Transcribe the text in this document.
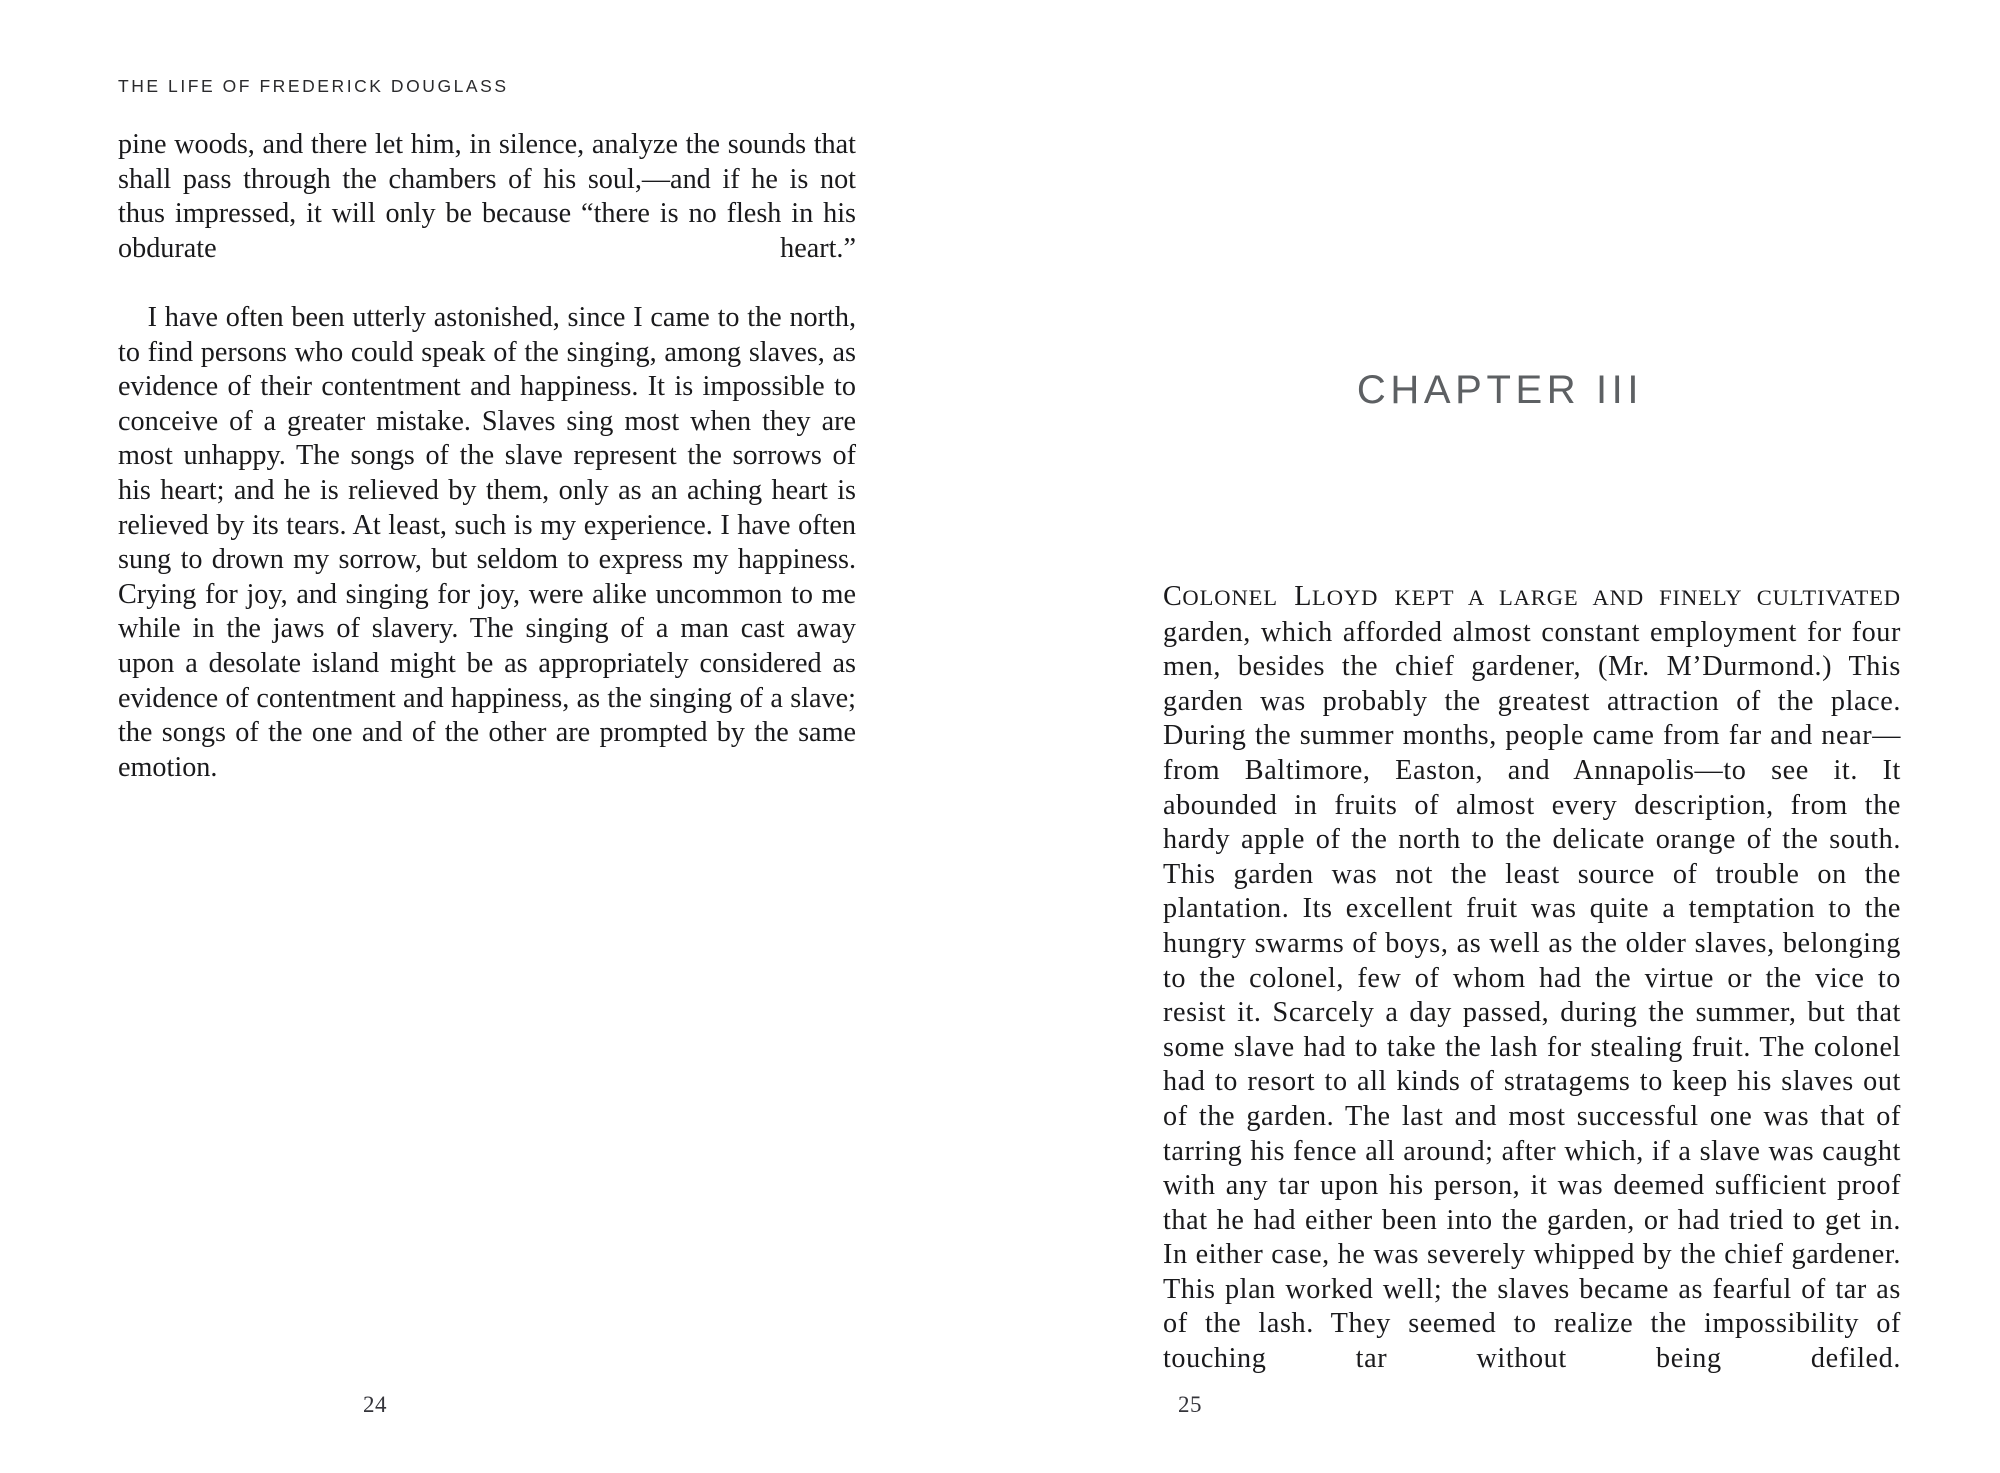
THE LIFE OF FREDERICK DOUGLASS

pine woods, and there let him, in silence, analyze the sounds that shall pass through the chambers of his soul,—and if he is not thus impressed, it will only be because “there is no flesh in his obdurate heart.”

I have often been utterly astonished, since I came to the north, to find persons who could speak of the singing, among slaves, as evidence of their contentment and happiness. It is impossible to conceive of a greater mistake. Slaves sing most when they are most unhappy. The songs of the slave represent the sorrows of his heart; and he is relieved by them, only as an aching heart is relieved by its tears. At least, such is my experience. I have often sung to drown my sorrow, but seldom to express my happiness. Crying for joy, and singing for joy, were alike uncommon to me while in the jaws of slavery. The singing of a man cast away upon a desolate island might be as appropriately considered as evidence of contentment and happiness, as the singing of a slave; the songs of the one and of the other are prompted by the same emotion.

24
CHAPTER III

COLONEL LLOYD KEPT A LARGE AND FINELY CULTIVATED garden, which afforded almost constant employment for four men, besides the chief gardener, (Mr. M’Durmond.) This garden was probably the greatest attraction of the place. During the summer months, people came from far and near—from Baltimore, Easton, and Annapolis—to see it. It abounded in fruits of almost every description, from the hardy apple of the north to the delicate orange of the south. This garden was not the least source of trouble on the plantation. Its excellent fruit was quite a temptation to the hungry swarms of boys, as well as the older slaves, belonging to the colonel, few of whom had the virtue or the vice to resist it. Scarcely a day passed, during the summer, but that some slave had to take the lash for stealing fruit. The colonel had to resort to all kinds of stratagems to keep his slaves out of the garden. The last and most successful one was that of tarring his fence all around; after which, if a slave was caught with any tar upon his person, it was deemed sufficient proof that he had either been into the garden, or had tried to get in. In either case, he was severely whipped by the chief gardener. This plan worked well; the slaves became as fearful of tar as of the lash. They seemed to realize the impossibility of touching tar without being defiled.

25
